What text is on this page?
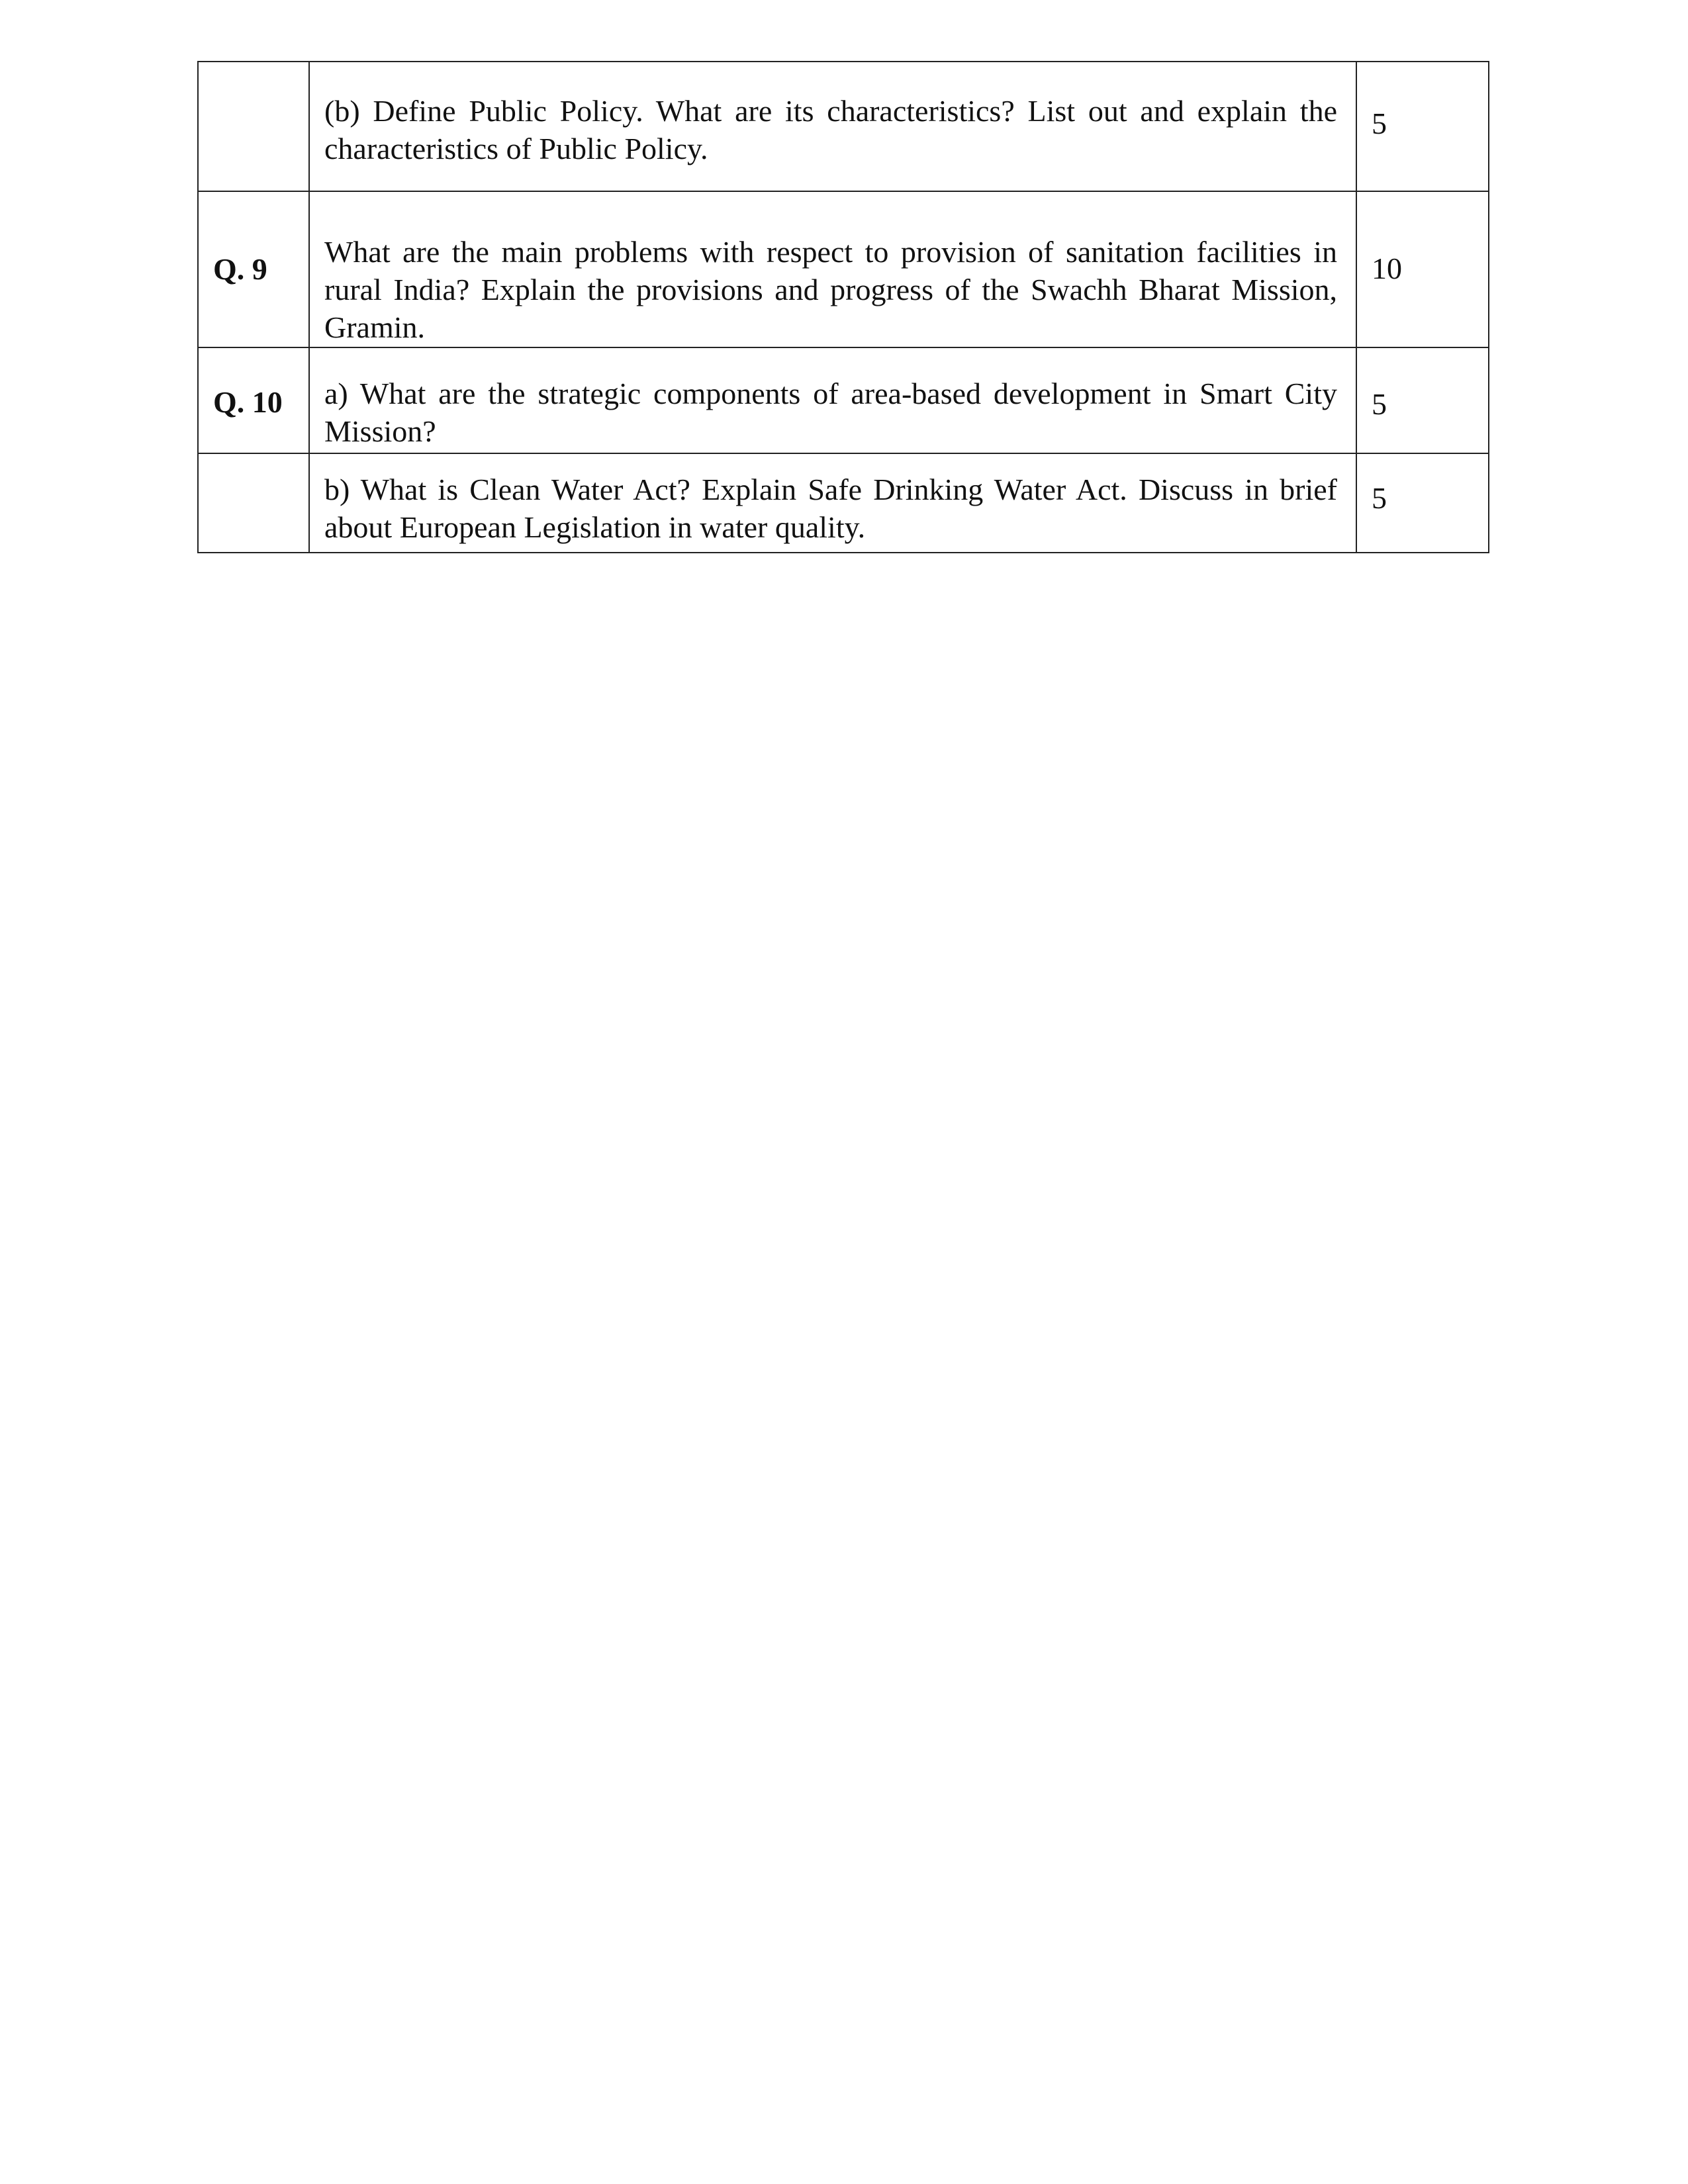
	(b) Define Public Policy. What are its characteristics? List out and explain the characteristics of Public Policy.	5
Q. 9	What are the main problems with respect to provision of sanitation facilities in rural India? Explain the provisions and progress of the Swachh Bharat Mission, Gramin.	10
Q. 10	a) What are the strategic components of area-based development in Smart City Mission?	5
	b) What is Clean Water Act? Explain Safe Drinking Water Act. Discuss in brief about European Legislation in water quality.	5
